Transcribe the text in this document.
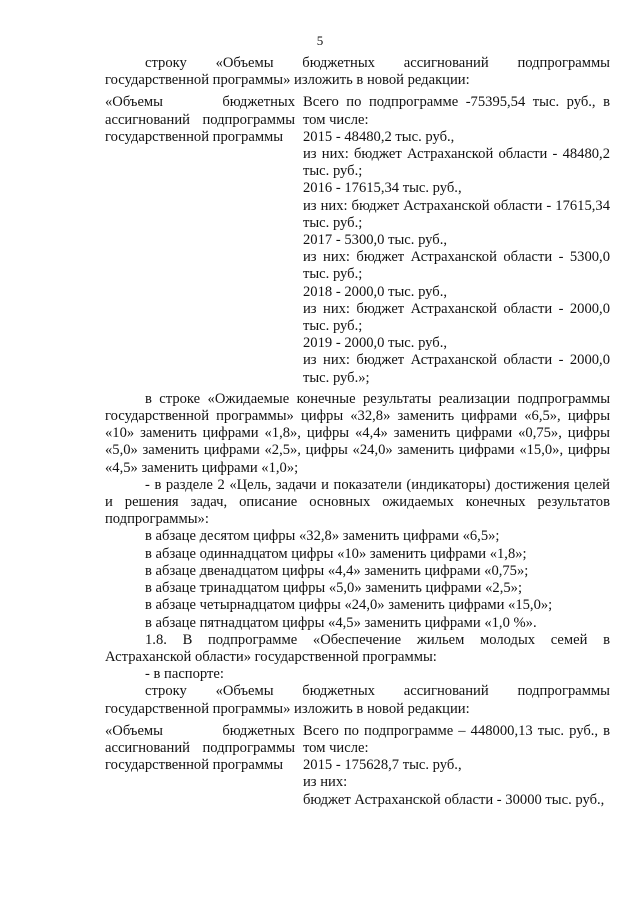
5

строку «Объемы бюджетных ассигнований подпрограммы государственной программы» изложить в новой редакции:

«Объемы бюджетных ассигнований подпрограммы государственной программы

Всего по подпрограмме -75395,54 тыс. руб., в том числе:

2015 - 48480,2 тыс. руб.,

из них: бюджет Астраханской области - 48480,2 тыс. руб.;

2016 - 17615,34 тыс. руб.,

из них: бюджет Астраханской области - 17615,34 тыс. руб.;

2017 - 5300,0 тыс. руб.,

из них: бюджет Астраханской области - 5300,0 тыс. руб.;

2018 - 2000,0 тыс. руб.,

из них: бюджет Астраханской области - 2000,0 тыс. руб.;

2019 - 2000,0 тыс. руб.,

из них: бюджет Астраханской области - 2000,0 тыс. руб.»;

в строке «Ожидаемые конечные результаты реализации подпрограммы государственной программы» цифры «32,8» заменить цифрами «6,5», цифры «10» заменить цифрами «1,8», цифры «4,4» заменить цифрами «0,75», цифры «5,0» заменить цифрами «2,5», цифры «24,0» заменить цифрами «15,0», цифры «4,5» заменить цифрами «1,0»;

- в разделе 2 «Цель, задачи и показатели (индикаторы) достижения целей и решения задач, описание основных ожидаемых конечных результатов подпрограммы»:

в абзаце десятом цифры «32,8» заменить цифрами «6,5»;

в абзаце одиннадцатом цифры «10» заменить цифрами «1,8»;

в абзаце двенадцатом цифры «4,4» заменить цифрами «0,75»;

в абзаце тринадцатом цифры «5,0» заменить цифрами «2,5»;

в абзаце четырнадцатом цифры «24,0» заменить цифрами «15,0»;

в абзаце пятнадцатом цифры «4,5» заменить цифрами «1,0 %».

1.8. В подпрограмме «Обеспечение жильем молодых семей в Астраханской области» государственной программы:

- в паспорте:

строку «Объемы бюджетных ассигнований подпрограммы государственной программы» изложить в новой редакции:

«Объемы бюджетных ассигнований подпрограммы государственной программы

Всего по подпрограмме – 448000,13 тыс. руб., в том числе:

2015 - 175628,7 тыс. руб.,

из них:

бюджет Астраханской области - 30000 тыс. руб.,
